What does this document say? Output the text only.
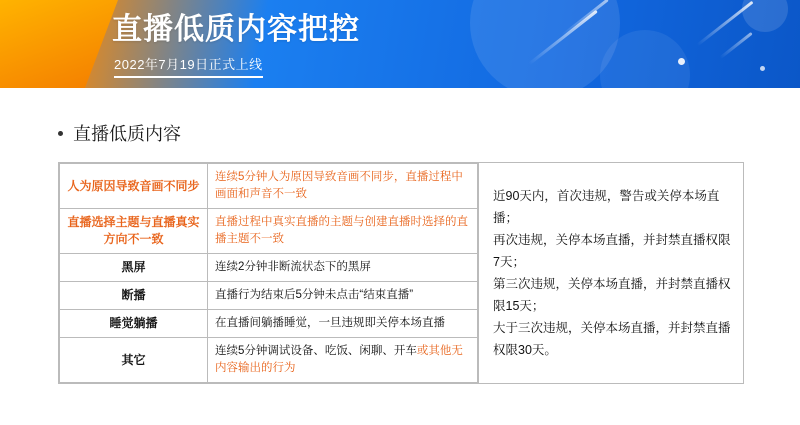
直播低质内容把控
2022年7月19日正式上线
直播低质内容
人为原因导致音画不同步	连续5分钟人为原因导致音画不同步，直播过程中画面和声音不一致
直播选择主题与直播真实方向不一致	直播过程中真实直播的主题与创建直播时选择的直播主题不一致
黑屏	连续2分钟非断流状态下的黑屏
断播	直播行为结束后5分钟未点击“结束直播”
睡觉躺播	在直播间躺播睡觉，一旦违规即关停本场直播
其它	连续5分钟调试设备、吃饭、闲聊、开车或其他无内容输出的行为

近90天内，首次违规，警告或关停本场直播；

再次违规，关停本场直播，并封禁直播权限7天；

第三次违规，关停本场直播，并封禁直播权限15天；

大于三次违规，关停本场直播，并封禁直播权限30天。
